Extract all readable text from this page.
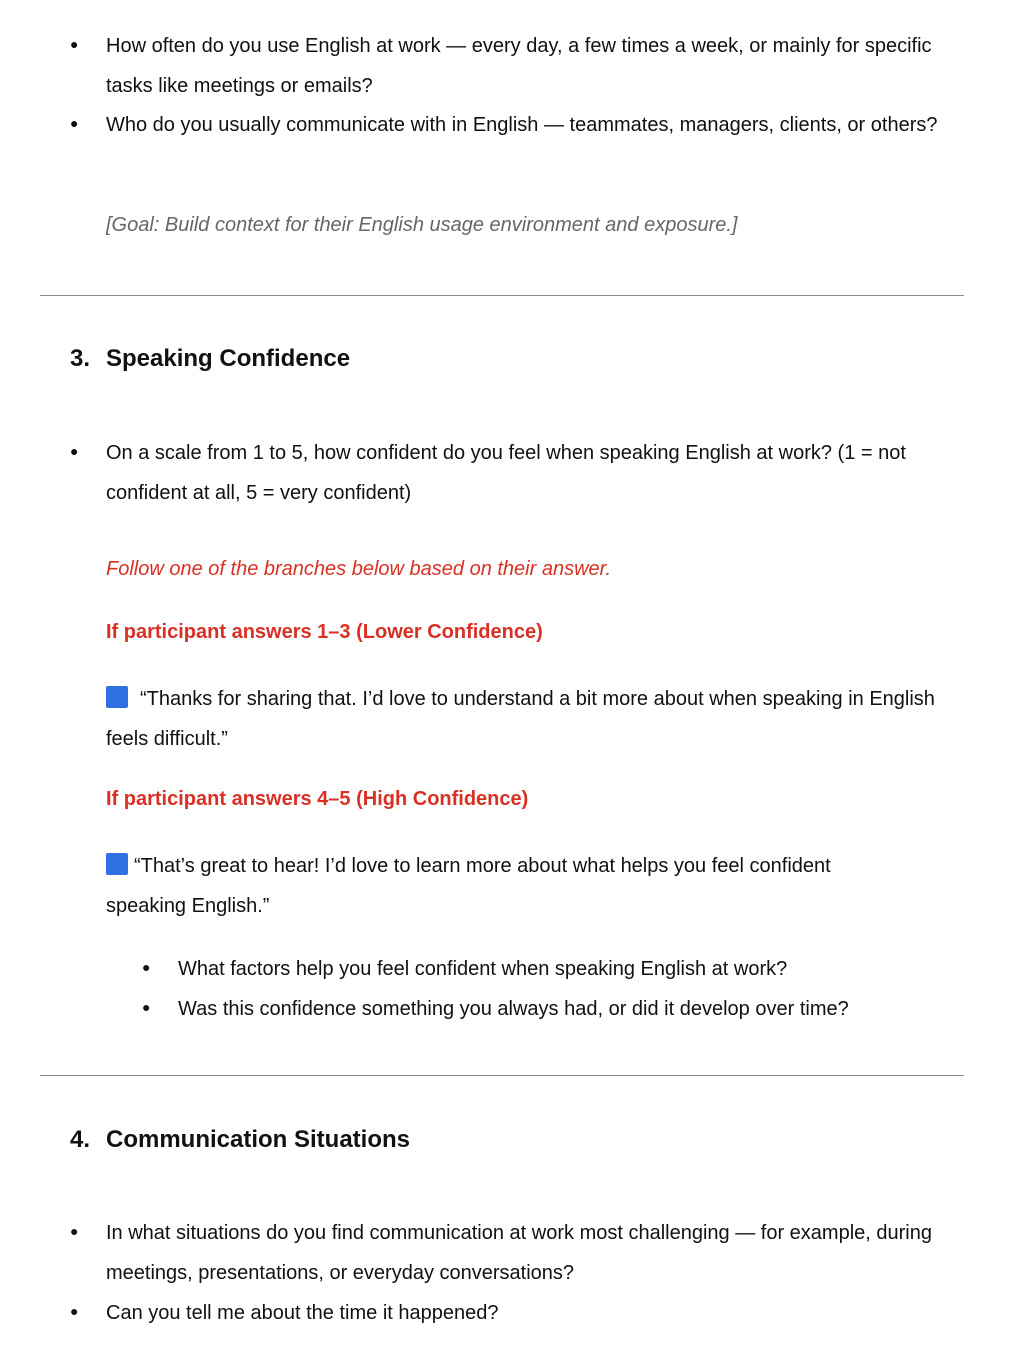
● How often do you use English at work — every day, a few times a week, or mainly for specific tasks like meetings or emails?
● Who do you usually communicate with in English — teammates, managers, clients, or others?
[Goal: Build context for their English usage environment and exposure.]
3. Speaking Confidence
● On a scale from 1 to 5, how confident do you feel when speaking English at work? (1 = not confident at all, 5 = very confident)
Follow one of the branches below based on their answer.
If participant answers 1–3 (Lower Confidence)
“Thanks for sharing that. I’d love to understand a bit more about when speaking in English feels difficult.”
If participant answers 4–5 (High Confidence)
“That’s great to hear! I’d love to learn more about what helps you feel confident speaking English.”
● What factors help you feel confident when speaking English at work?
● Was this confidence something you always had, or did it develop over time?
4. Communication Situations
● In what situations do you find communication at work most challenging — for example, during meetings, presentations, or everyday conversations?
● Can you tell me about the time it happened?
